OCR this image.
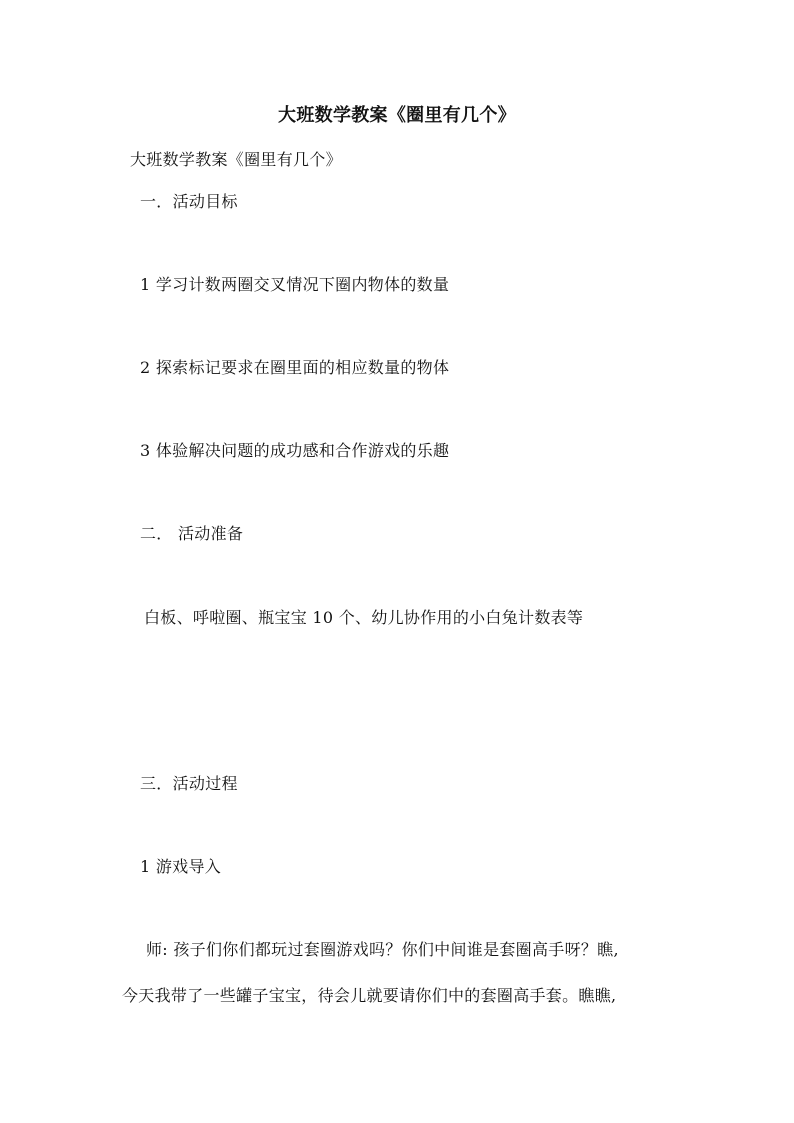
大班数学教案《圈里有几个》
大班数学教案《圈里有几个》
一．活动目标
1 学习计数两圈交叉情况下圈内物体的数量
2 探索标记要求在圈里面的相应数量的物体
3 体验解决问题的成功感和合作游戏的乐趣
二． 活动准备
白板、呼啦圈、瓶宝宝 10 个、幼儿协作用的小白兔计数表等
三．活动过程
1 游戏导入
师: 孩子们你们都玩过套圈游戏吗？你们中间谁是套圈高手呀？瞧,
今天我带了一些罐子宝宝，待会儿就要请你们中的套圈高手套。瞧瞧,
